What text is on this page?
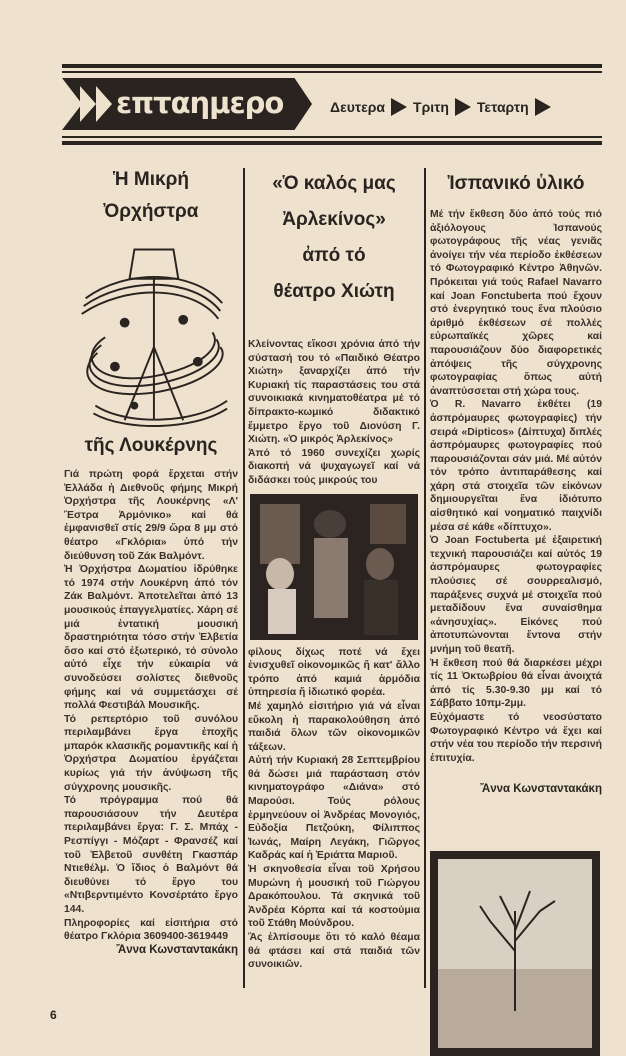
επταημερο	Δευτερα Τριτη Τεταρτη
Ἡ Μικρή
Ὀρχήστρα
τῆς Λουκέρνης

Γιά πρώτη φορά ἔρχεται στήν Ἑλλάδα ἡ Διεθνοῦς φήμης Μικρή Ὀρχήστρα τῆς Λουκέρνης «Λ' Ἔστρα Ἀρμόνικο» καί θά ἐμφανισθεῖ στίς 29/9 ὥρα 8 μμ στό θέατρο «Γκλόρια» ὑπό τήν διεύθυνση τοῦ Ζάκ Βαλμόντ.

Ἡ Ὀρχήστρα Δωματίου ἱδρύθηκε τό 1974 στήν Λουκέρνη ἀπό τόν Ζάκ Βαλμόντ. Ἀποτελεῖται ἀπό 13 μουσικούς ἐπαγγελματίες. Χάρη σέ μιά ἐντατική μουσική δραστηριότητα τόσο στήν Ἑλβετία ὅσο καί στό ἐξωτερικό, τό σύνολο αὐτό εἶχε τήν εὐκαιρία νά συνοδεύσει σολίστες διεθνοῦς φήμης καί νά συμμετάσχει σέ πολλά Φεστιβάλ Μουσικῆς.

Τό ρεπερτόριο τοῦ συνόλου περιλαμβάνει ἔργα ἐποχῆς μπαρόκ κλασικῆς ρομαντικῆς καί ἡ Ὀρχήστρα Δωματίου ἐργάζεται κυρίως γιά τήν ἀνύψωση τῆς σύγχρονης μουσικῆς.

Τό πρόγραμμα πού θά παρουσιάσουν τήν Δευτέρα περιλαμβάνει ἔργα: Γ. Σ. Μπάχ - Ρεσπίγγι - Μόζαρτ - Φρανσέζ καί τοῦ Ἑλβετοῦ συνθέτη Γκασπάρ Ντιεθέλμ. Ὁ ἴδιος ὁ Βαλμόντ θά διευθύνει τό ἔργο του «Ντιβερντιμέντο Κονσέρτάτο ἔργο 144.

Πληροφορίες καί εἰσιτήρια στό θέατρο Γκλόρια 3609400-3619449

Ἄννα Κωνσταντακάκη
«Ὁ καλός μας
Ἀρλεκίνος»
ἀπό τό
θέατρο Χιώτη

Κλείνοντας εἴκοσι χρόνια ἀπό τήν σύστασή του τό «Παιδικό Θέατρο Χιώτη» ξαναρχίζει ἀπό τήν Κυριακή τίς παραστάσεις του στά συνοικιακά κινηματοθέατρα μέ τό δίπρακτο-κωμικό διδακτικό ἔμμετρο ἔργο τοῦ Διονύση Γ. Χιώτη. «Ὁ μικρός Ἀρλεκίνος»

Ἀπό τό 1960 συνεχίζει χωρίς διακοπή νά ψυχαγωγεῖ καί νά διδάσκει τούς μικρούς του

φίλους δίχως ποτέ νά ἔχει ἐνισχυθεῖ οἰκονομικῶς ἤ κατ' ἄλλο τρόπο ἀπό καμιά ἁρμόδια ὑπηρεσία ἤ ἰδιωτικό φορέα.

Μέ χαμηλό εἰσιτήριο γιά νά εἶναι εὔκολη ἡ παρακολούθηση ἀπό παιδιά ὅλων τῶν οἰκονομικῶν τάξεων.

Αὐτή τήν Κυριακή 28 Σεπτεμβρίου θά δώσει μιά παράσταση στόν κινηματογράφο «Διάνα» στό Μαρούσι. Τούς ρόλους ἑρμηνεύουν οἱ Ἀνδρέας Μονογιός, Εὐδοξία Πετζούκη, Φίλιππος Ἰωνάς, Μαίρη Λεγάκη, Γιῶργος Καδράς καί ἡ Ἐριάττα Μαριοῦ.

Ἡ σκηνοθεσία εἶναι τοῦ Χρήσου Μυρώνη ἡ μουσική τοῦ Γιώργου Δρακόπουλου. Τά σκηνικά τοῦ Ἀνδρέα Κόρπα καί τά κοστούμια τοῦ Στάθη Μούνδρου.

Ἄς ἐλπίσουμε ὅτι τό καλό θέαμα θά φτάσει καί στά παιδιά τῶν συνοικιῶν.

Ἰσπανικό ὑλικό

Μέ τήν ἔκθεση δύο ἀπό τούς πιό ἀξιόλογους Ἰσπανούς φωτογράφους τῆς νέας γενιᾶς ἀνοίγει τήν νέα περίοδο ἐκθέσεων τό Φωτογραφικό Κέντρο Ἀθηνῶν. Πρόκειται γιά τούς Rafael Navarro καί Joan Fonctuberta πού ἔχουν στό ἐνεργητικό τους ἕνα πλούσιο ἀριθμό ἐκθέσεων σέ πολλές εὐρωπαϊκές χῶρες καί παρουσιάζουν δύο διαφορετικές ἀπόψεις τῆς σύγχρονης φωτογραφίας ὅπως αὐτή ἀναπτύσσεται στή χώρα τους.

Ὁ R. Navarro ἐκθέτει (19 ἀσπρόμαυρες φωτογραφίες) τήν σειρά «Dipticos» (Δίπτυχα) διπλές ἀσπρόμαυρες φωτογραφίες πού παρουσιάζονται σάν μιά. Μέ αὐτόν τόν τρόπο ἀντιπαράθεσης καί χάρη στά στοιχεῖα τῶν εἰκόνων δημιουργεῖται ἕνα ἰδιότυπο αἰσθητικό καί νοηματικό παιχνίδι μέσα σέ κάθε «δίπτυχο».

Ὁ Joan Foctuberta μέ ἐξαιρετική τεχνική παρουσιάζει καί αὐτός 19 ἀσπρόμαυρες φωτογραφίες πλούσιες σέ σουρρεαλισμό, παράξενες συχνά μέ στοιχεῖα πού μεταδίδουν ἕνα συναίσθημα «ἀνησυχίας». Εἰκόνες πού ἀποτυπώνονται ἔντονα στήν μνήμη τοῦ θεατῆ.

Ἡ ἔκθεση πού θά διαρκέσει μέχρι τίς 11 Ὀκτωβρίου θά εἶναι ἀνοιχτά ἀπό τίς 5.30-9.30 μμ καί τό Σάββατο 10πμ-2μμ.

Εὐχόμαστε τό νεοσύστατο Φωτογραφικό Κέντρο νά ἔχει καί στήν νέα του περίοδο τήν περσινή ἐπιτυχία.

Ἄννα Κωνσταντακάκη
6
